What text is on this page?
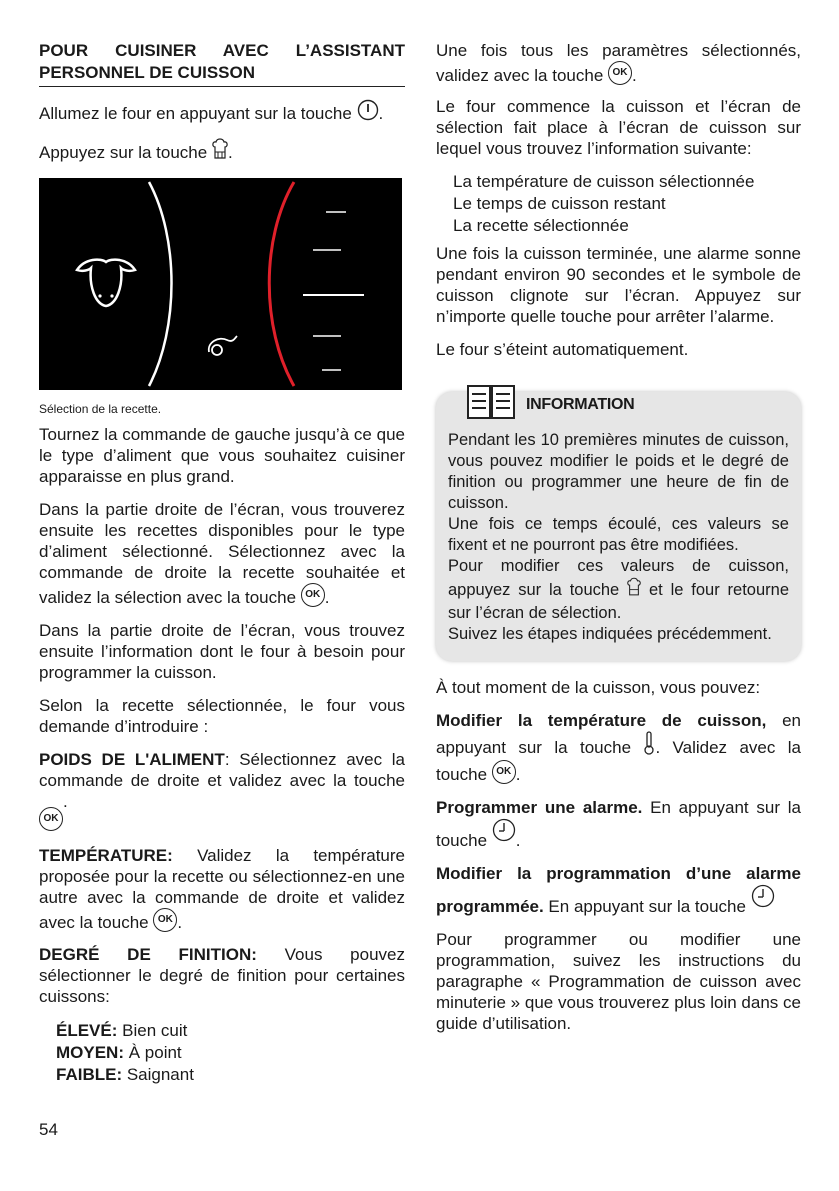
POUR CUISINER AVEC L’ASSISTANT PERSONNEL DE CUISSON

Allumez le four en appuyant sur la touche .

Appuyez sur la touche .

Sélection de la recette.

Tournez la commande de gauche jusqu’à ce que le type d’aliment que vous souhaitez cuisiner apparaisse en plus grand.

Dans la partie droite de l’écran, vous trouverez ensuite les recettes disponibles pour le type d’aliment sélectionné. Sélectionnez avec la commande de droite la recette souhaitée et validez la sélection avec la touche OK .

Dans la partie droite de l’écran, vous trouvez ensuite l’information dont le four à besoin pour programmer la cuisson.

Selon la recette sélectionnée, le four vous demande d’introduire :

POIDS DE L'ALIMENT: Sélectionnez avec la commande de droite et validez avec la touche OK.

TEMPÉRATURE: Validez la température proposée pour la recette ou sélectionnez-en une autre avec la commande de droite et validez avec la touche OK .

DEGRÉ DE FINITION: Vous pouvez sélectionner le degré de finition pour certaines cuissons:

ÉLEVÉ: Bien cuit
MOYEN: À point
FAIBLE: Saignant
54

Une fois tous les paramètres sélectionnés, validez avec la touche OK .

Le four commence la cuisson et l’écran de sélection fait place à l’écran de cuisson sur lequel vous trouvez l’information suivante:

La température de cuisson sélectionnée
Le temps de cuisson restant
La recette sélectionnée

Une fois la cuisson terminée, une alarme sonne pendant environ 90 secondes et le symbole de cuisson clignote sur l’écran. Appuyez sur n’importe quelle touche pour arrêter l’alarme.

Le four s’éteint automatiquement.

INFORMATION

Pendant les 10 premières minutes de cuisson, vous pouvez modifier le poids et le degré de finition ou programmer une heure de fin de cuisson.

Une fois ce temps écoulé, ces valeurs se fixent et ne pourront pas être modifiées.

Pour modifier ces valeurs de cuisson, appuyez sur la touche  et le four retourne sur l’écran de sélection.

Suivez les étapes indiquées précédemment.

À tout moment de la cuisson, vous pouvez:

Modifier la température de cuisson, en appuyant sur la touche . Validez avec la touche OK .

Programmer une alarme. En appuyant sur la touche .

Modifier la programmation d’une alarme programmée. En appuyant sur la touche

Pour programmer ou modifier une programmation, suivez les instructions du paragraphe « Programmation de cuisson avec minuterie » que vous trouverez plus loin dans ce guide d’utilisation.
